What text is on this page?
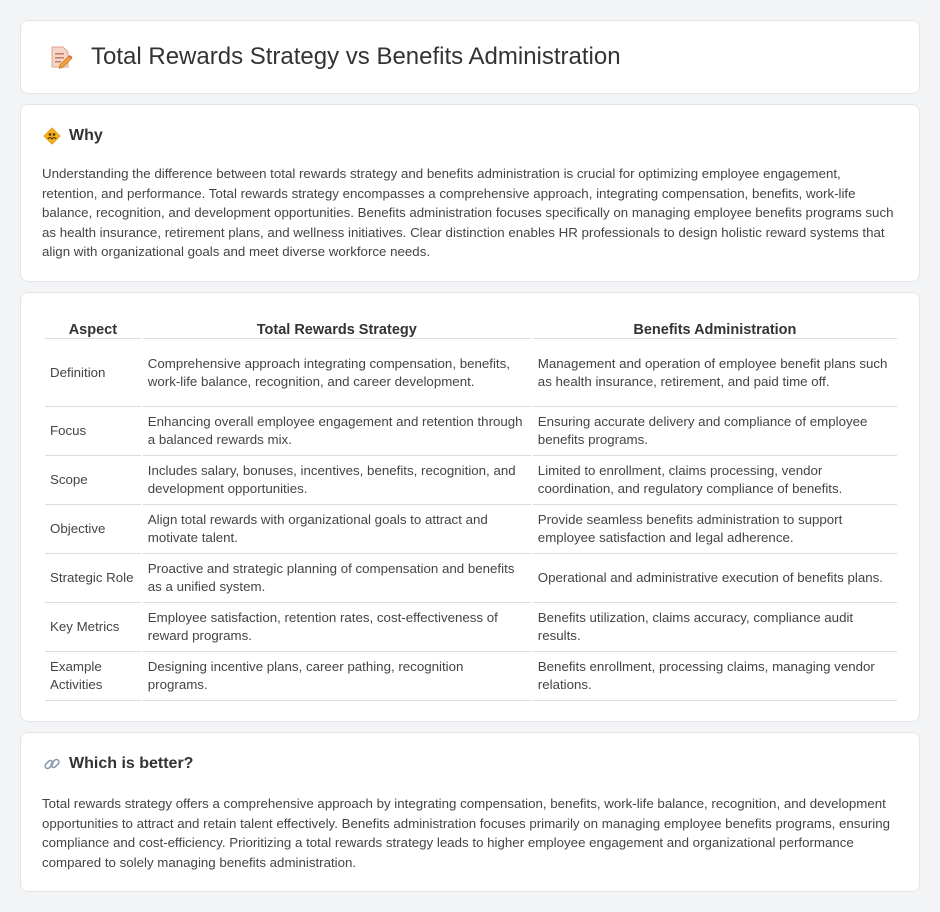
Total Rewards Strategy vs Benefits Administration
Why

Understanding the difference between total rewards strategy and benefits administration is crucial for optimizing employee engagement, retention, and performance. Total rewards strategy encompasses a comprehensive approach, integrating compensation, benefits, work-life balance, recognition, and development opportunities. Benefits administration focuses specifically on managing employee benefits programs such as health insurance, retirement plans, and wellness initiatives. Clear distinction enables HR professionals to design holistic reward systems that align with organizational goals and meet diverse workforce needs.

Aspect	Total Rewards Strategy	Benefits Administration
Definition	Comprehensive approach integrating compensation, benefits, work-life balance, recognition, and career development.	Management and operation of employee benefit plans such as health insurance, retirement, and paid time off.
Focus	Enhancing overall employee engagement and retention through a balanced rewards mix.	Ensuring accurate delivery and compliance of employee benefits programs.
Scope	Includes salary, bonuses, incentives, benefits, recognition, and development opportunities.	Limited to enrollment, claims processing, vendor coordination, and regulatory compliance of benefits.
Objective	Align total rewards with organizational goals to attract and motivate talent.	Provide seamless benefits administration to support employee satisfaction and legal adherence.
Strategic Role	Proactive and strategic planning of compensation and benefits as a unified system.	Operational and administrative execution of benefits plans.
Key Metrics	Employee satisfaction, retention rates, cost-effectiveness of reward programs.	Benefits utilization, claims accuracy, compliance audit results.
Example Activities	Designing incentive plans, career pathing, recognition programs.	Benefits enrollment, processing claims, managing vendor relations.
Which is better?

Total rewards strategy offers a comprehensive approach by integrating compensation, benefits, work-life balance, recognition, and development opportunities to attract and retain talent effectively. Benefits administration focuses primarily on managing employee benefits programs, ensuring compliance and cost-efficiency. Prioritizing a total rewards strategy leads to higher employee engagement and organizational performance compared to solely managing benefits administration.
